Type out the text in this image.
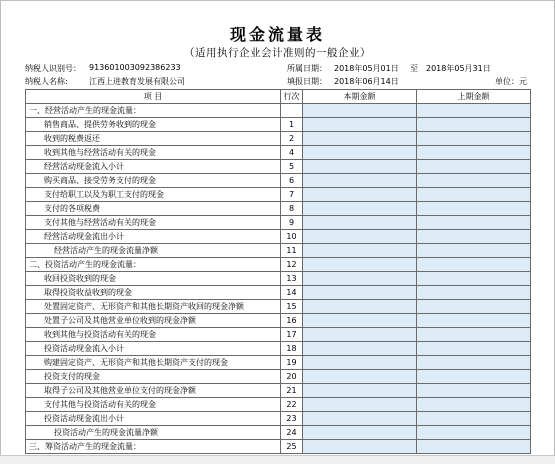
现金流量表
（适用执行企业会计准则的一般企业）
纳税人识别号： 913601003092386233	所属日期： 2018年05月01日 至 2018年05月31日
纳税人名称:	江西上进教育发展有限公司	填报日期： 2018年06月14日	单位：元
项 目	行次	本期金额	上期金额
一、经营活动产生的现金流量：			
销售商品、提供劳务收到的现金	1		
收到的税费返还	2		
收到其他与经营活动有关的现金	4		
经营活动现金流入小计	5		
购买商品、接受劳务支付的现金	6		
支付给职工以及为职工支付的现金	7		
支付的各项税费	8		
支付其他与经营活动有关的现金	9		
经营活动现金流出小计	10		
经营活动产生的现金流量净额	11		
二、投资活动产生的现金流量：	12		
收回投资收到的现金	13		
取得投资收益收到的现金	14		
处置固定资产、无形资产和其他长期资产收回的现金净额	15		
处置子公司及其他营业单位收到的现金净额	16		
收到其他与投资活动有关的现金	17		
投资活动现金流入小计	18		
购建固定资产、无形资产和其他长期资产支付的现金	19		
投资支付的现金	20		
取得子公司及其他营业单位支付的现金净额	21		
支付其他与投资活动有关的现金	22		
投资活动现金流出小计	23		
投资活动产生的现金流量净额	24		
三、筹资活动产生的现金流量：	25		
